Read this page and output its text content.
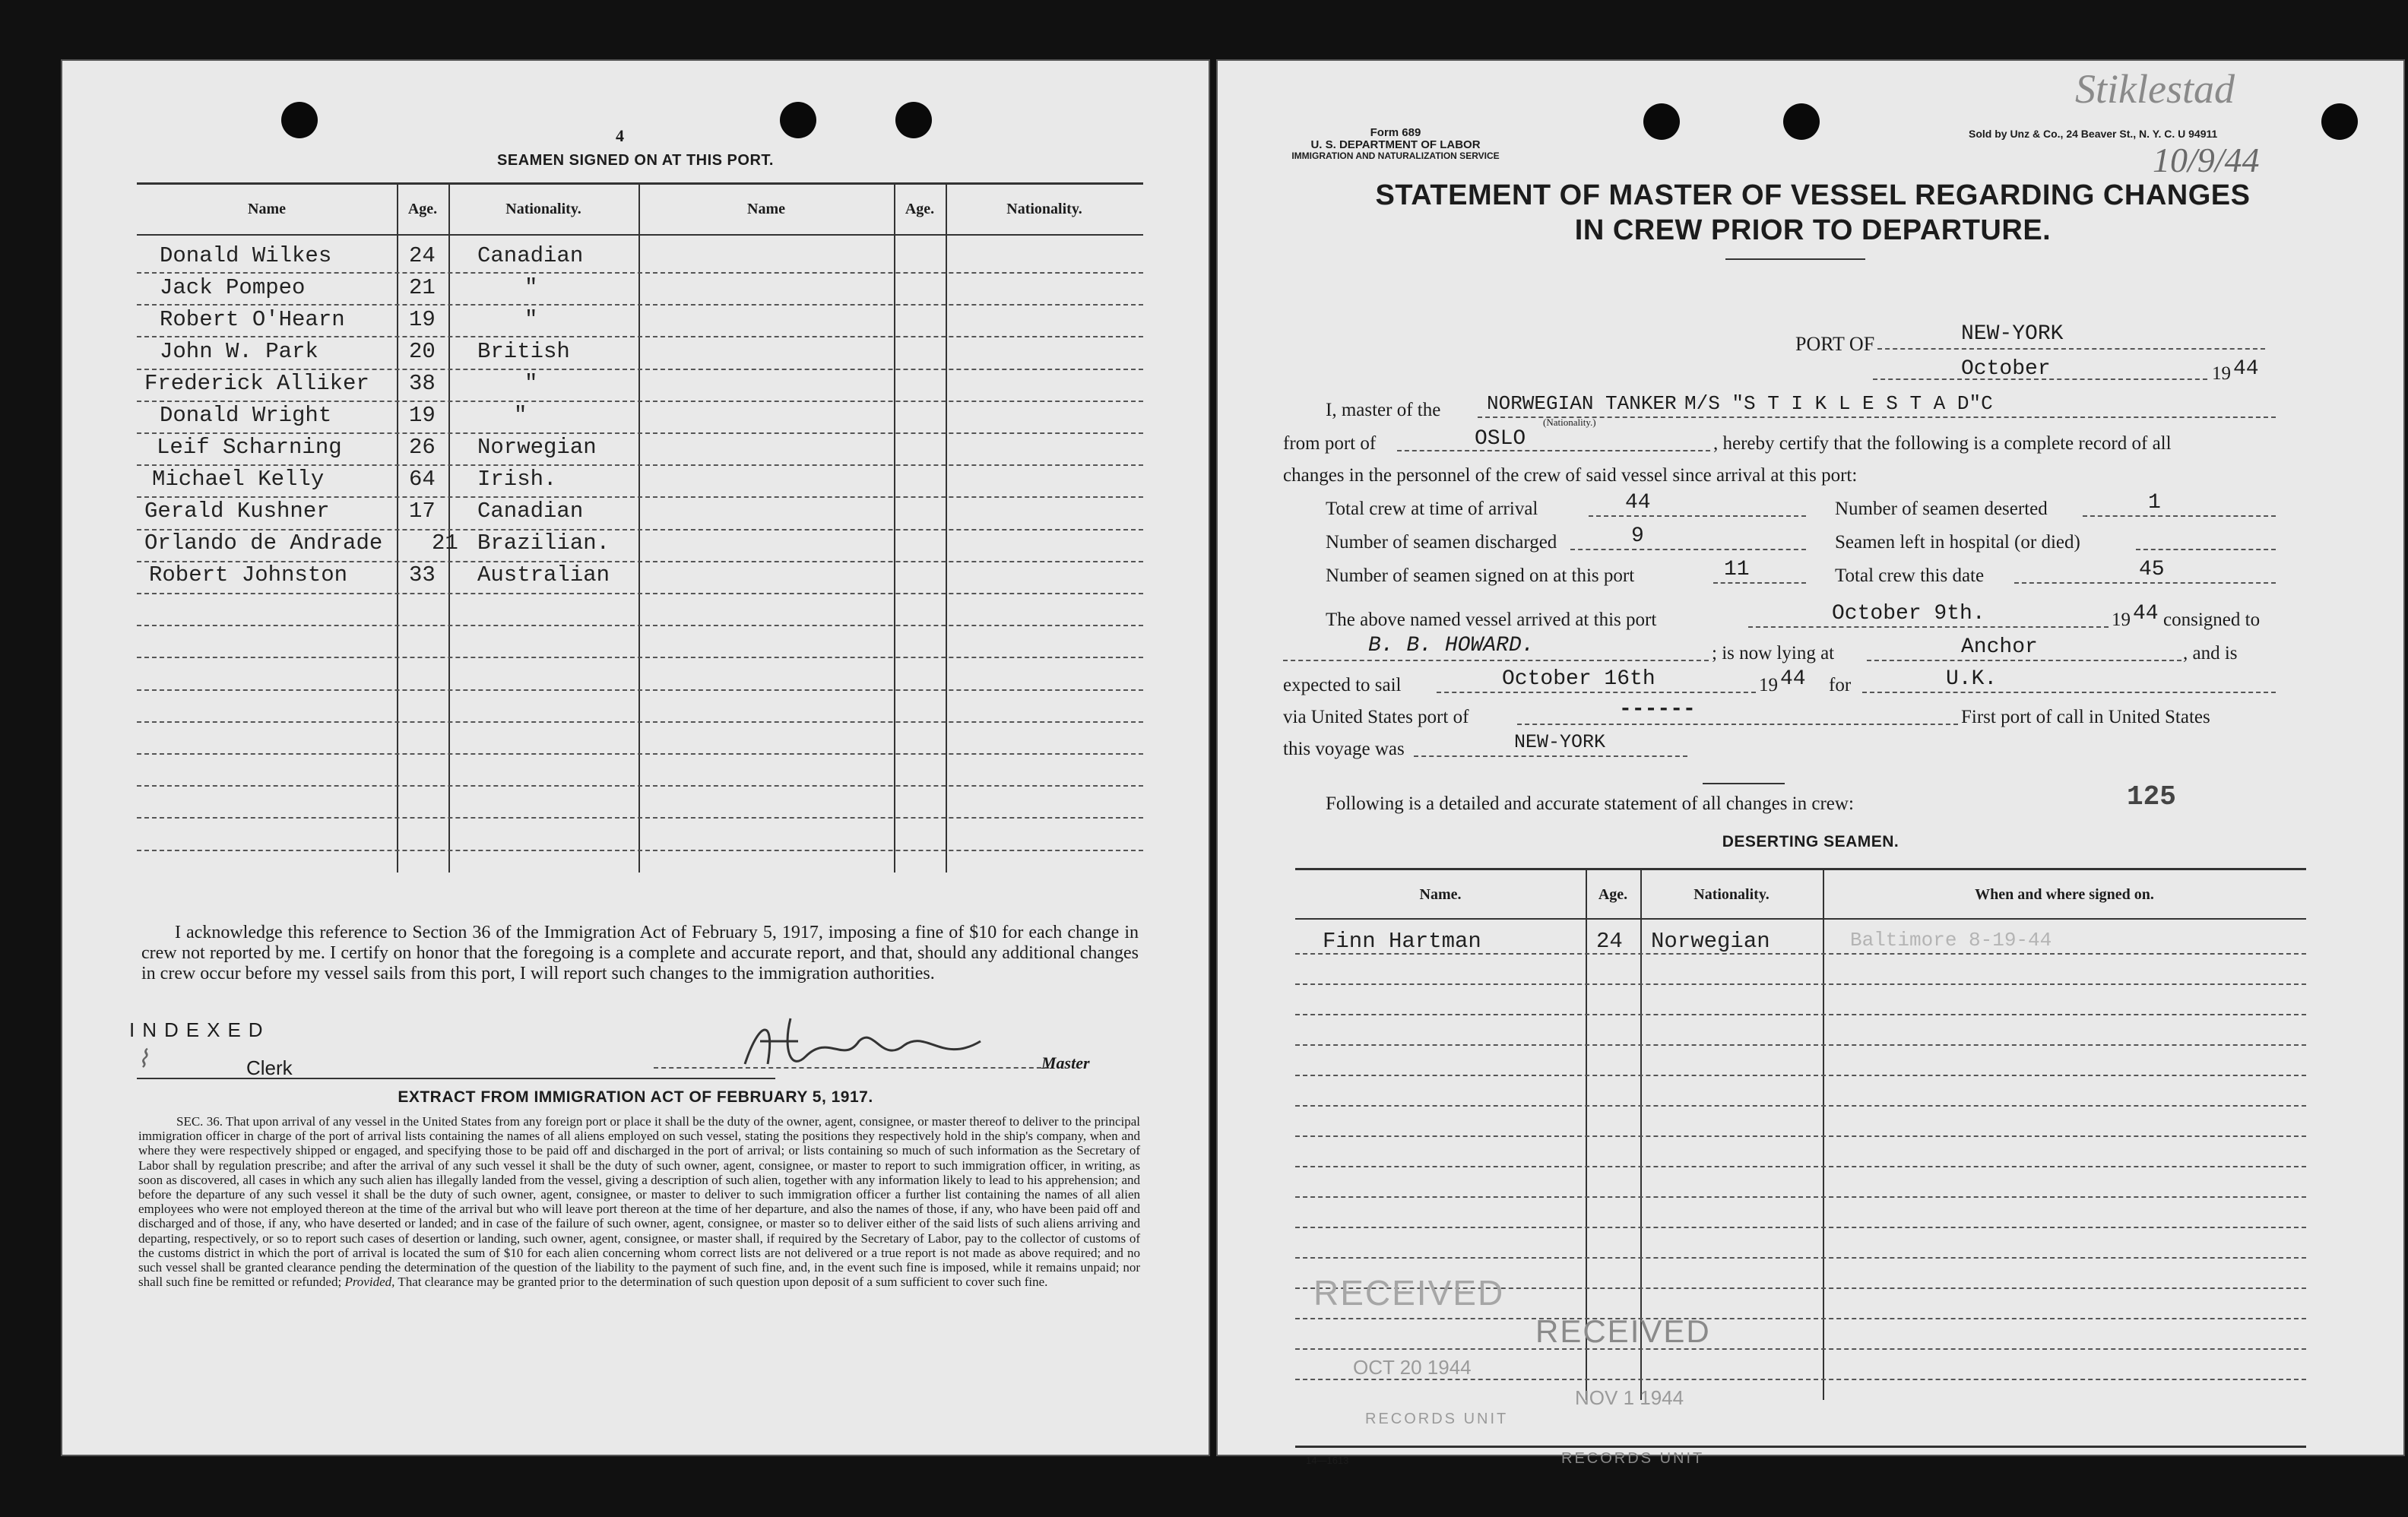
4
SEAMEN SIGNED ON AT THIS PORT.
Name	Age.	Nationality.	Name	Age.	Nationality.
Donald Wilkes	24 Canadian
Jack Pompeo	21	"
Robert O'Hearn	19	"
John W. Park	20 British
Frederick Alliker 38	"
Donald Wright	19	"
Leif Scharning	26 Norwegian
Michael Kelly	64 Irish.
Gerald Kushner	17 Canadian
Orlando de Andrade 21 Brazilian.
Robert Johnston	33 Australian
I acknowledge this reference to Section 36 of the Immigration Act of February 5, 1917, imposing a fine of $10 for each change in crew not reported by me. I certify on honor that the foregoing is a complete and accurate report, and that, should any additional changes in crew occur before my vessel sails from this port, I will report such changes to the immigration authorities.
INDEXED
⌇	Clerk	Master
EXTRACT FROM IMMIGRATION ACT OF FEBRUARY 5, 1917.
SEC. 36. That upon arrival of any vessel in the United States from any foreign port or place it shall be the duty of the owner, agent, consignee, or master thereof to deliver to the principal immigration officer in charge of the port of arrival lists containing the names of all aliens employed on such vessel, stating the positions they respectively hold in the ship's company, when and where they were respectively shipped or engaged, and specifying those to be paid off and discharged in the port of arrival; or lists containing so much of such information as the Secretary of Labor shall by regulation prescribe; and after the arrival of any such vessel it shall be the duty of such owner, agent, consignee, or master to report to such immigration officer, in writing, as soon as discovered, all cases in which any such alien has illegally landed from the vessel, giving a description of such alien, together with any information likely to lead to his apprehension; and before the departure of any such vessel it shall be the duty of such owner, agent, consignee, or master to deliver to such immigration officer a further list containing the names of all alien employees who were not employed thereon at the time of the arrival but who will leave port thereon at the time of her departure, and also the names of those, if any, who have been paid off and discharged and of those, if any, who have deserted or landed; and in case of the failure of such owner, agent, consignee, or master so to deliver either of the said lists of such aliens arriving and departing, respectively, or so to report such cases of desertion or landing, such owner, agent, consignee, or master shall, if required by the Secretary of Labor, pay to the collector of customs of the customs district in which the port of arrival is located the sum of $10 for each alien concerning whom correct lists are not delivered or a true report is not made as above required; and no such vessel shall be granted clearance pending the determination of the question of the liability to the payment of such fine, and, in the event such fine is imposed, while it remains unpaid; nor shall such fine be remitted or refunded; Provided, That clearance may be granted prior to the determination of such question upon deposit of a sum sufficient to cover such fine.
Form 689
U. S. DEPARTMENT OF LABOR
IMMIGRATION AND NATURALIZATION SERVICE
Sold by Unz & Co., 24 Beaver St., N. Y. C. U 94911
Stiklestad
10/9/44
STATEMENT OF MASTER OF VESSEL REGARDING CHANGES
IN CREW PRIOR TO DEPARTURE.
PORT OF	NEW-YORK
October	19 44
I, master of the NORWEGIAN TANKER
(Nationality.)
M/S "S T I K L E S T A D"C
from port of	OSLO	, hereby certify that the following is a complete record of all
changes in the personnel of the crew of said vessel since arrival at this port:
Total crew at time of arrival	44	Number of seamen deserted	1
Number of seamen discharged	9	Seamen left in hospital (or died)
Number of seamen signed on at this port	11	Total crew this date	45
The above named vessel arrived at this port	October 9th.	19 44 consigned to
B. B. HOWARD.	; is now lying at	Anchor	, and is
expected to sail	October 16th	19 44 for	U.K.
via United States port of	------	First port of call in United States
this voyage was	NEW-YORK
Following is a detailed and accurate statement of all changes in crew:	125
DESERTING SEAMEN.
Name.	Age.	Nationality.	When and where signed on.
Finn Hartman	24 Norwegian	Baltimore 8-19-44
RECEIVED
OCT 20 1944
RECORDS UNIT
RECEIVED
NOV 1 1944
RECORDS UNIT
14—1613
